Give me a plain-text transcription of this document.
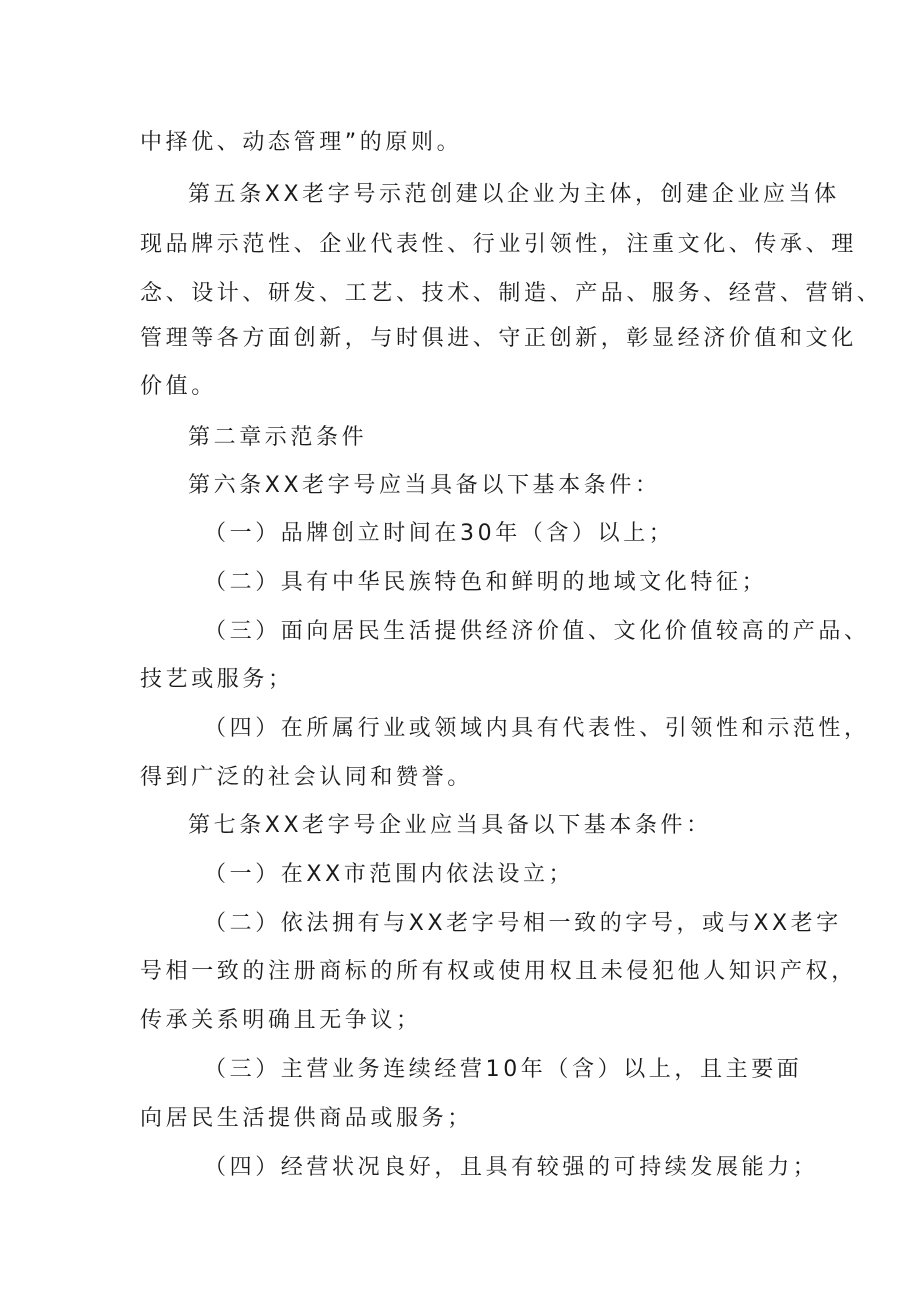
中择优、动态管理”的原则。
第五条XX老字号示范创建以企业为主体，创建企业应当体
现品牌示范性、企业代表性、行业引领性，注重文化、传承、理
念、设计、研发、工艺、技术、制造、产品、服务、经营、营销、
管理等各方面创新，与时俱进、守正创新，彰显经济价值和文化
价值。
第二章示范条件
第六条XX老字号应当具备以下基本条件：
（一）品牌创立时间在30年（含）以上；
（二）具有中华民族特色和鲜明的地域文化特征；
（三）面向居民生活提供经济价值、文化价值较高的产品、
技艺或服务；
（四）在所属行业或领域内具有代表性、引领性和示范性，
得到广泛的社会认同和赞誉。
第七条XX老字号企业应当具备以下基本条件：
（一）在XX市范围内依法设立；
（二）依法拥有与XX老字号相一致的字号，或与XX老字
号相一致的注册商标的所有权或使用权且未侵犯他人知识产权，
传承关系明确且无争议；
（三）主营业务连续经营10年（含）以上，且主要面
向居民生活提供商品或服务；
（四）经营状况良好，且具有较强的可持续发展能力；
